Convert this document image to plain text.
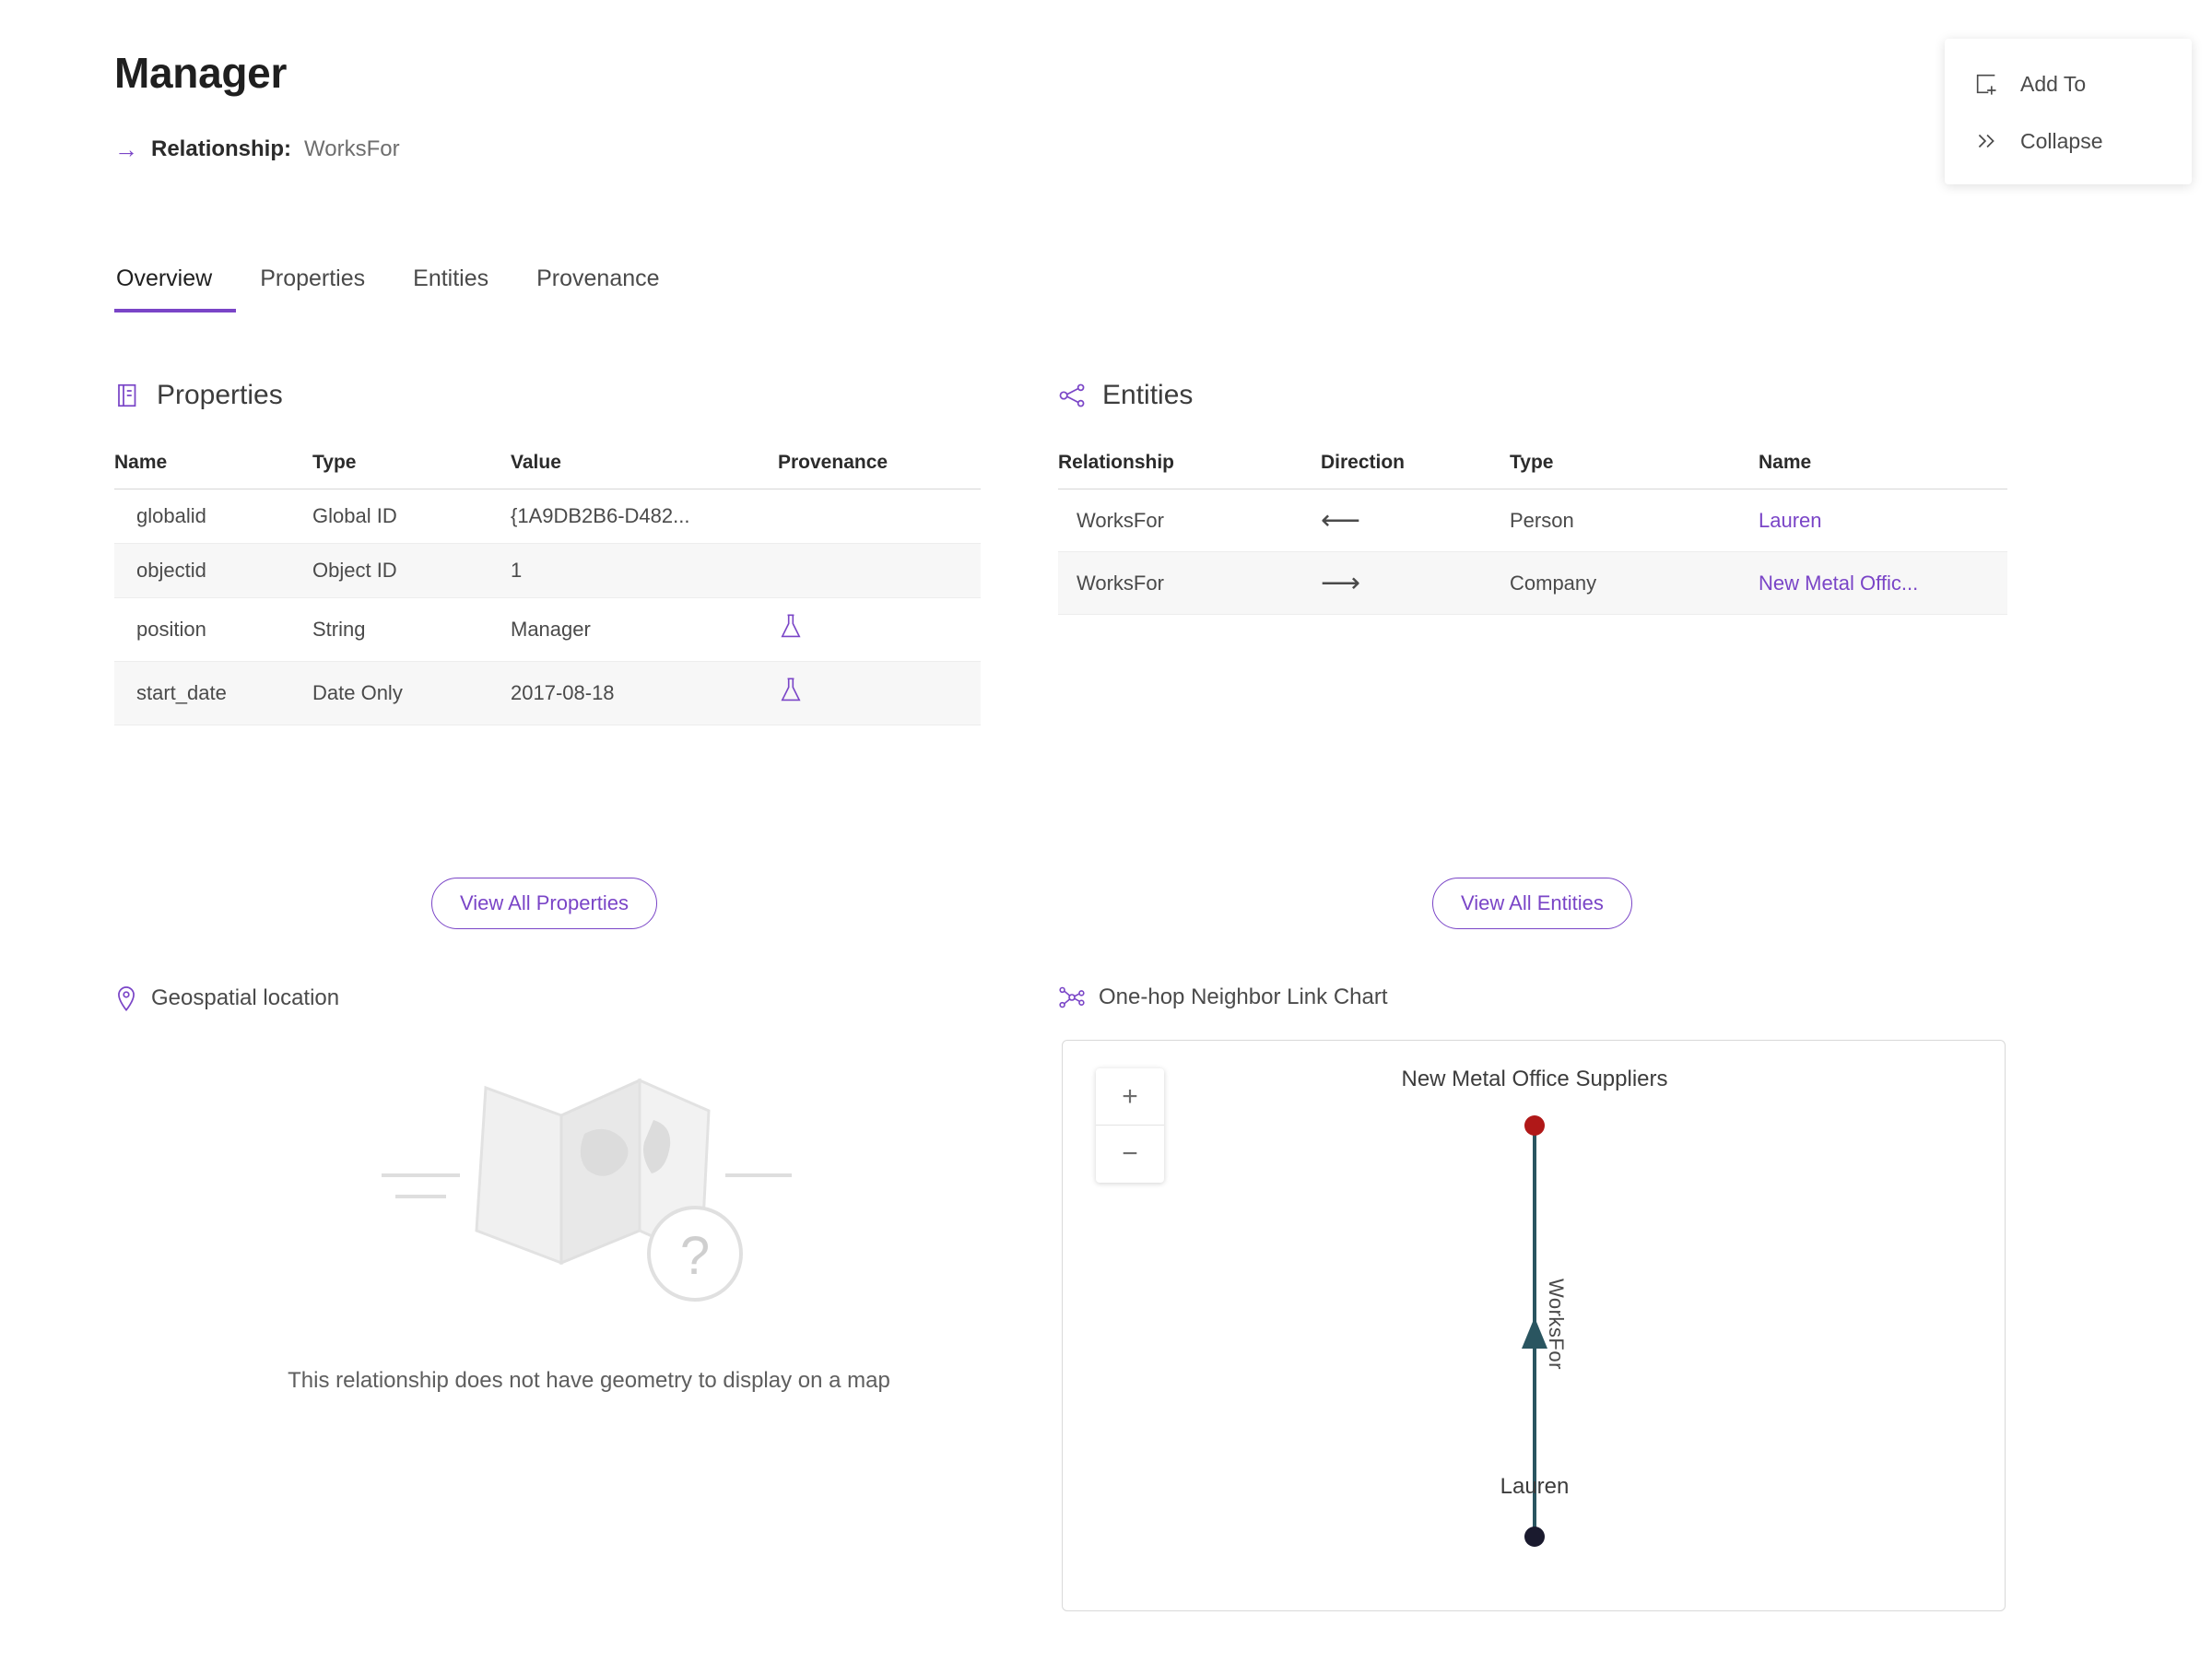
Manager
→ Relationship: WorksFor
Add To
Collapse
Overview	Properties	Entities	Provenance
Properties
Name	Type	Value	Provenance
globalid	Global ID	{1A9DB2B6-D482...	
objectid	Object ID	1	
position	String	Manager	

start_date	Date Only	2017-08-18	
Entities
Relationship	Direction	Type	Name
WorksFor	⟵	Person	Lauren
WorksFor	⟶	Company	New Metal Offic...
View All Properties	View All Entities
Geospatial location
?
This relationship does not have geometry to display on a map
One-hop Neighbor Link Chart
+
−
New Metal Office Suppliers
Lauren
WorksFor
